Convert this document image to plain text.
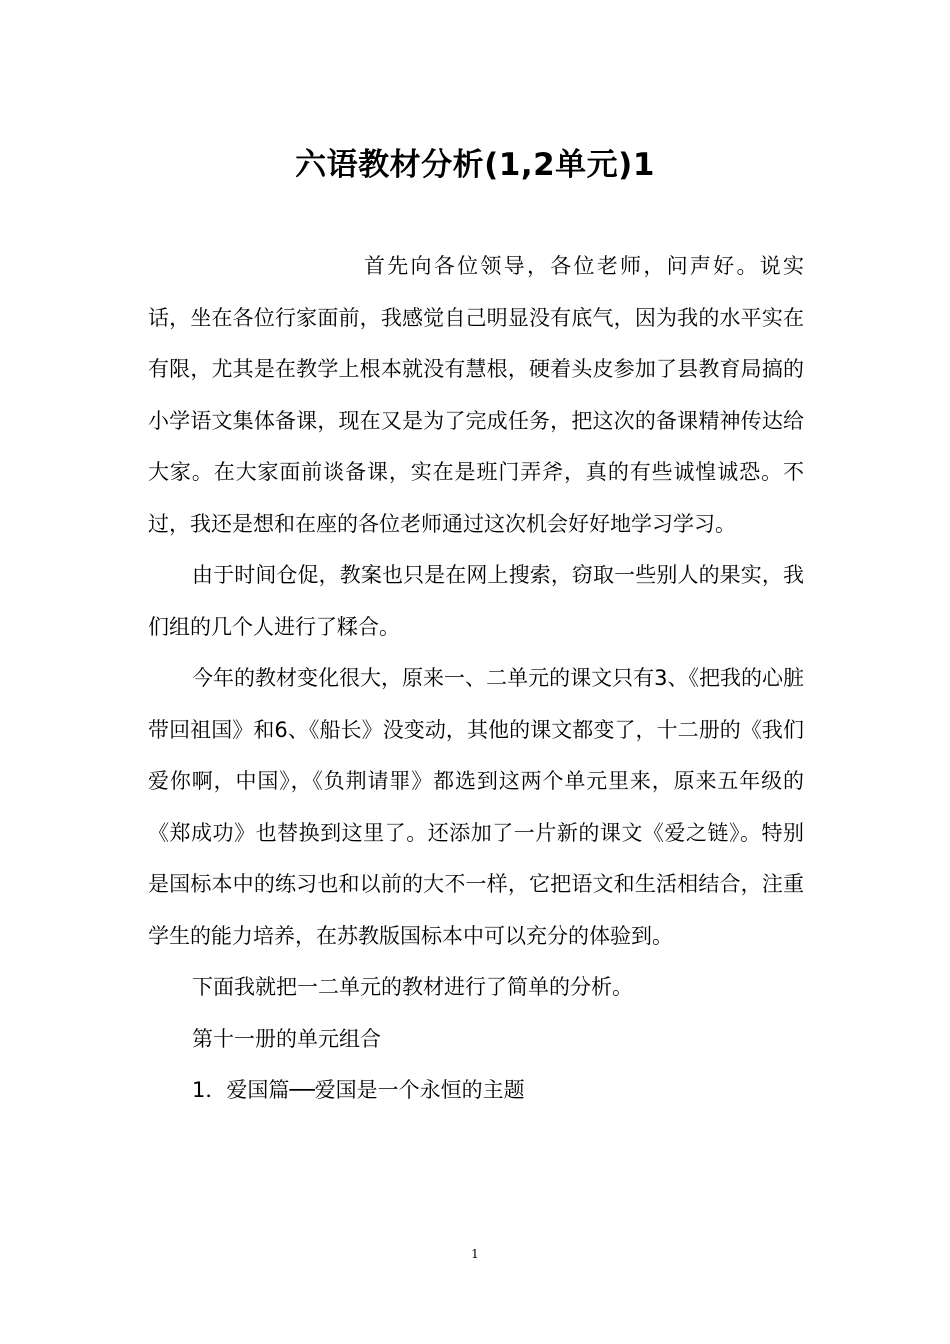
六语教材分析(1,2单元)1

首先向各位领导，各位老师，问声好。说实话，坐在各位行家面前，我感觉自己明显没有底气，因为我的水平实在有限，尤其是在教学上根本就没有慧根，硬着头皮参加了县教育局搞的小学语文集体备课，现在又是为了完成任务，把这次的备课精神传达给大家。在大家面前谈备课，实在是班门弄斧，真的有些诚惶诚恐。不过，我还是想和在座的各位老师通过这次机会好好地学习学习。

由于时间仓促，教案也只是在网上搜索，窃取一些别人的果实，我们组的几个人进行了糅合。

今年的教材变化很大，原来一、二单元的课文只有3、《把我的心脏带回祖国》和6、《船长》没变动，其他的课文都变了，十二册的《我们爱你啊，中国》，《负荆请罪》都选到这两个单元里来，原来五年级的《郑成功》也替换到这里了。还添加了一片新的课文《爱之链》。特别是国标本中的练习也和以前的大不一样，它把语文和生活相结合，注重学生的能力培养，在苏教版国标本中可以充分的体验到。

下面我就把一二单元的教材进行了简单的分析。

第十一册的单元组合

1．爱国篇──爱国是一个永恒的主题

1
